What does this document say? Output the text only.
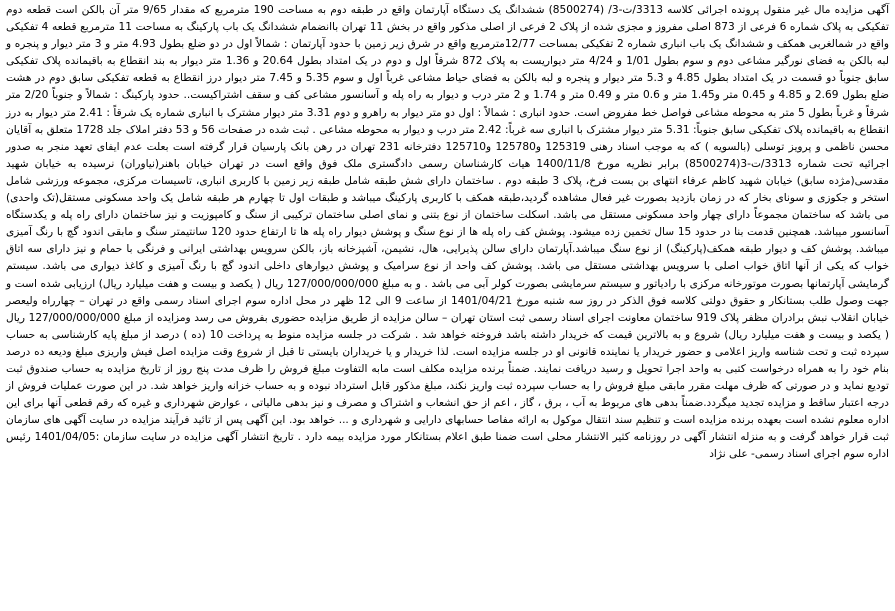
آگهی مزایده مال غیر منقول پرونده اجرائی کلاسه 3313/ت-3/ (8500274) ششدانگ یک دستگاه آپارتمان واقع در طبقه دوم به مساحت 190 مترمربع که مقدار 9/65 متر آن بالکن است قطعه دوم تفکیکی به پلاک شماره 6 فرعی از 873 اصلی مفروز و مجزی شده از پلاک 2 فرعی از اصلی مذکور واقع در بخش 11 تهران باانضمام ششدانگ یک باب پارکینگ به مساحت 11 مترمربع قطعه 4 تفکیکی واقع در شمالغربی همکف و ششدانگ یک باب انباری شماره 2 تفکیکی بمساحت 12/77مترمربع واقع در شرق زیر زمین با حدود آپارتمان : شمالاً اول در دو ضلع بطول 4.93 متر و 3 متر دیوار و پنجره و لبه بالکن به فضای نورگیر مشاعی دوم و سوم بطول 1/01 و 4/24 متر دیواریست به پلاک 872 شرقاً اول و دوم در یک امتداد بطول 20.64 و 1.36 متر دیوار به بند انقطاع به باقیمانده پلاک تفکیکی سابق جنوباً دو قسمت در یک امتداد بطول 4.85 و 5.3 متر دیوار و پنجره و لبه بالکن به فضای حیاط مشاعی غرباً اول و سوم 5.35 و 7.45 متر دیوار درز انقطاع به قطعه تفکیکی سابق دوم در هشت ضلع بطول 2.69 و 4.85 و 0.45 متر و1.45 متر و 0.6 متر و 0.49 متر و 1.74 و 2 متر درب و دیوار به راه پله و آسانسور مشاعی کف و سقف اشتراکیست.. حدود پارکینگ : شمالاً و جنوباً 2/20 متر شرقاً و غرباً بطول 5 متر به محوطه مشاعی فواصل خط مفروض است. حدود انباری : شمالاً : اول دو متر دیوار به راهرو و دوم 3.31 متر دیوار مشترک با انباری شماره یک شرقاً : 2.41 متر دیوار به درز انقطاع به باقیمانده پلاک تفکیکی سابق جنوباً: 5.31 متر دیوار مشترک با انباری سه غرباً: 2.42 متر درب و دیوار به محوطه مشاعی . ثبت شده در صفحات 56 و 53 دفتر املاک جلد 1728 متعلق به آقایان محسن ناظمی و پرویز توسلی (بالسویه ) که به موجب اسناد رهنی 125319 و125780 و125710 دفترخانه 231 تهران در رهن بانک پارسیان قرار گرفته است بعلت عدم ایفای تعهد منجر به صدور اجرائیه تحت شماره 3313/ت-3(8500274) برابر نظریه مورخ 1400/11/8 هیات کارشناسان رسمی دادگستری ملک فوق واقع است در تهران خیابان باهنر(نیاوران) نرسیده به خیابان شهید مقدسی(مژده سابق) خیابان شهید کاظم عرفاء انتهای بن بست فرخ، پلاک 3 طبقه دوم . ساختمان دارای شش طبقه شامل طبقه زیر زمین با کاربری انباری، تاسیسات مرکزی، مجموعه ورزشی شامل استخر و جکوزی و سونای بخار که در زمان بازدید بصورت غیر فعال مشاهده گردید،طبقه همکف با کاربری پارکینگ میباشد و طبقات اول تا چهارم هر طبقه شامل یک واحد مسکونی مستقل(تک واحدی) می باشد که ساختمان مجموعاً دارای چهار واحد مسکونی مستقل می باشد. اسکلت ساختمان از نوع بتنی و نمای اصلی ساختمان ترکیبی از سنگ و کامپوزیت و نیز ساختمان دارای راه پله و یکدستگاه آسانسور میباشد. همچنین قدمت بنا در حدود 15 سال تخمین زده میشود. پوشش کف راه پله ها از نوع سنگ و پوشش دیوار راه پله ها تا ارتفاع حدود 120 سانتیمتر سنگ و مابقی اندود گچ با رنگ آمیزی میباشد. پوشش کف و دیوار طبقه همکف(پارکینگ) از نوع سنگ میباشد.آپارتمان دارای سالن پذیرایی، هال، نشیمن، آشپزخانه باز، بالکن سرویس بهداشتی ایرانی و فرنگی با حمام و نیز دارای سه اتاق خواب که یکی از آنها اتاق خواب اصلی با سرویس بهداشتی مستقل می باشد. پوشش کف واحد از نوع سرامیک و پوشش دیوارهای داخلی اندود گچ با رنگ آمیزی و کاغذ دیواری می باشد. سیستم گرمایشی آپارتمانها بصورت موتورخانه مرکزی با رادیاتور و سیستم سرمایشی بصورت کولر آبی می باشد . و به مبلغ 127/000/000/000 ریال ( یکصد و بیست و هفت میلیارد ریال) ارزیابی شده است و جهت وصول طلب بستانکار و حقوق دولتی کلاسه فوق الذکر در روز سه شنبه مورخ 1401/04/21 از ساعت 9 الی 12 ظهر در محل اداره سوم اجرای اسناد رسمی واقع در تهران – چهارراه ولیعصر خیابان انقلاب نبش برادران مظفر پلاک 919 ساختمان معاونت اجرای اسناد رسمی ثبت استان تهران – سالن مزایده از طریق مزایده حضوری بفروش می رسد ومزایده از مبلغ 127/000/000/000 ریال ( یکصد و بیست و هفت میلیارد ریال) شروع و به بالاترین قیمت که خریدار داشته باشد فروخته خواهد شد . شرکت در جلسه مزایده منوط به پرداخت 10 (ده ) درصد از مبلغ پایه کارشناسی به حساب سپرده ثبت و تحت شناسه واریز اعلامی و حضور خریدار یا نماینده قانونی او در جلسه مزایده است. لذا خریدار و یا خریداران بایستی تا قبل از شروع وقت مزایده اصل فیش واریزی مبلغ ودیعه ده درصد بنام خود را به همراه درخواست کتبی به واحد اجرا تحویل و رسید دریافت نمایند. ضمناً برنده مزایده مکلف است مابه التفاوت مبلغ فروش را ظرف مدت پنج روز از تاریخ مزایده به حساب صندوق ثبت تودیع نماید و در صورتی که ظرف مهلت مقرر مابقی مبلغ فروش را به حساب سپرده ثبت واریز نکند، مبلغ مذکور قابل استرداد نبوده و به حساب خزانه واریز خواهد شد. در این صورت عملیات فروش از درجه اعتبار ساقط و مزایده تجدید میگردد.ضمناً بدهی های مربوط به آب ، برق ، گاز ، اعم از حق انشعاب و اشتراک و مصرف و نیز بدهی مالیاتی ، عوارض شهرداری و غیره که رقم قطعی آنها برای این اداره معلوم نشده است بعهده برنده مزایده است و تنظیم سند انتقال موکول به ارائه مفاصا حسابهای دارایی و شهرداری و ... خواهد بود. این آگهی پس از تائید فرآیند مزایده در سایت آگهی های سازمان ثبت قرار خواهد گرفت و به منزله انتشار آگهی در روزنامه کثیر الانتشار محلی است ضمنا طبق اعلام بستانکار مورد مزایده بیمه دارد . تاریخ انتشار آگهی مزایده در سایت سازمان :1401/04/05 رئیس اداره سوم اجرای اسناد رسمی- علی نژاد
